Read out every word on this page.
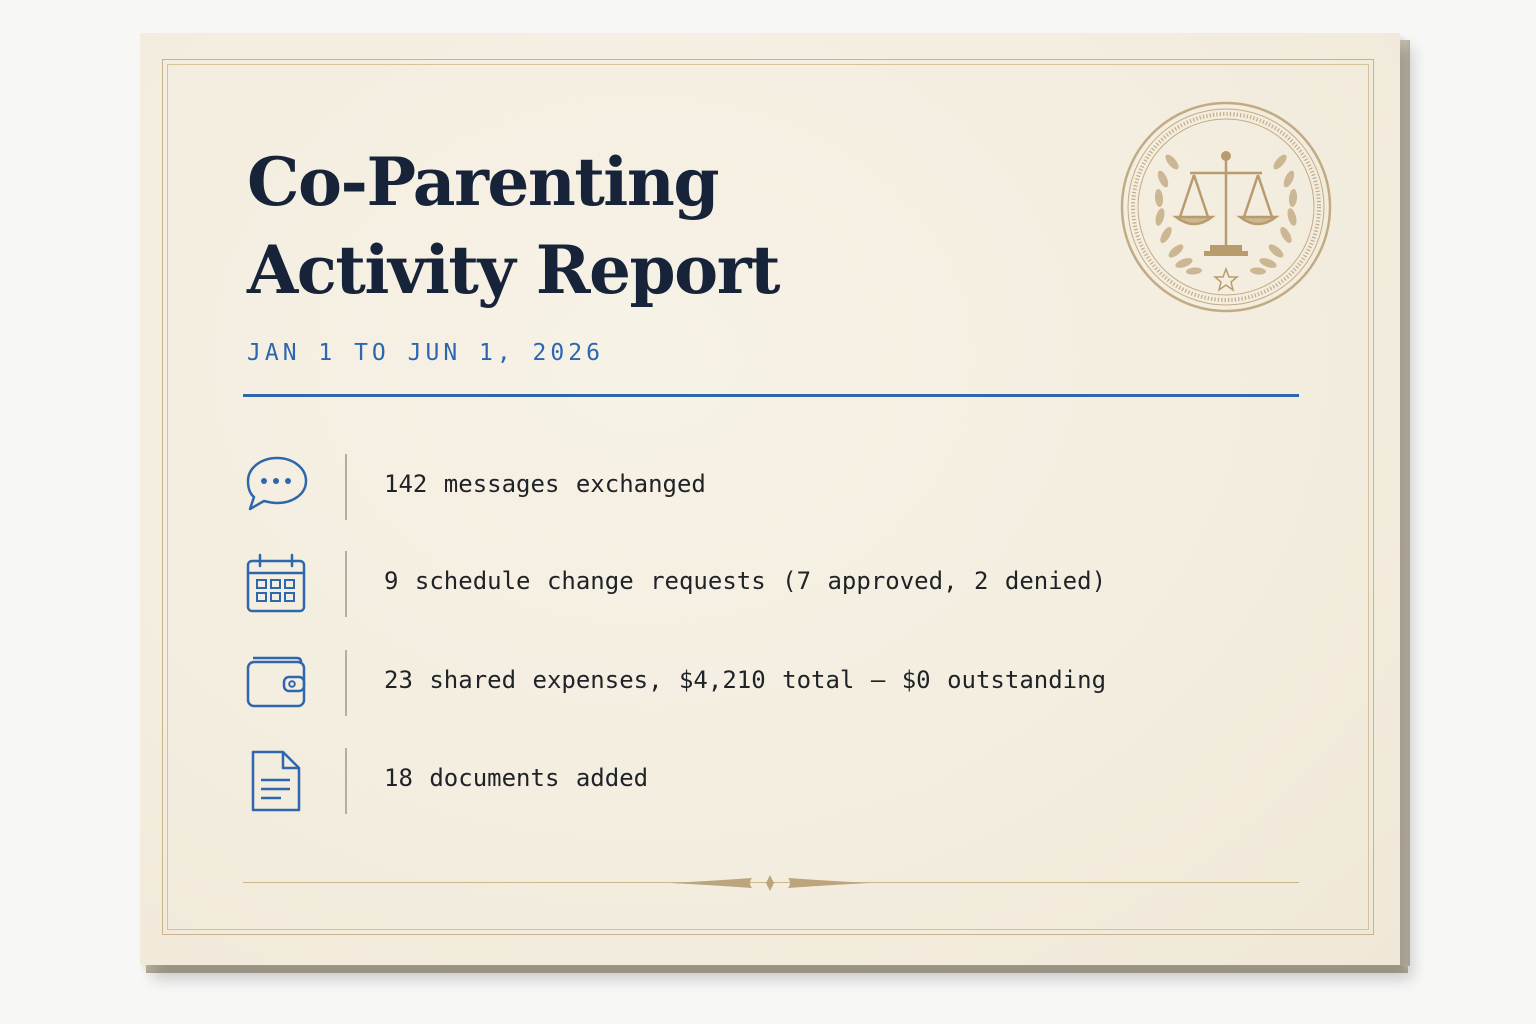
Co-Parenting
Activity Report
JAN 1 TO JUN 1, 2026
142 messages exchanged
9 schedule change requests (7 approved, 2 denied)
23 shared expenses, $4,210 total — $0 outstanding
18 documents added
